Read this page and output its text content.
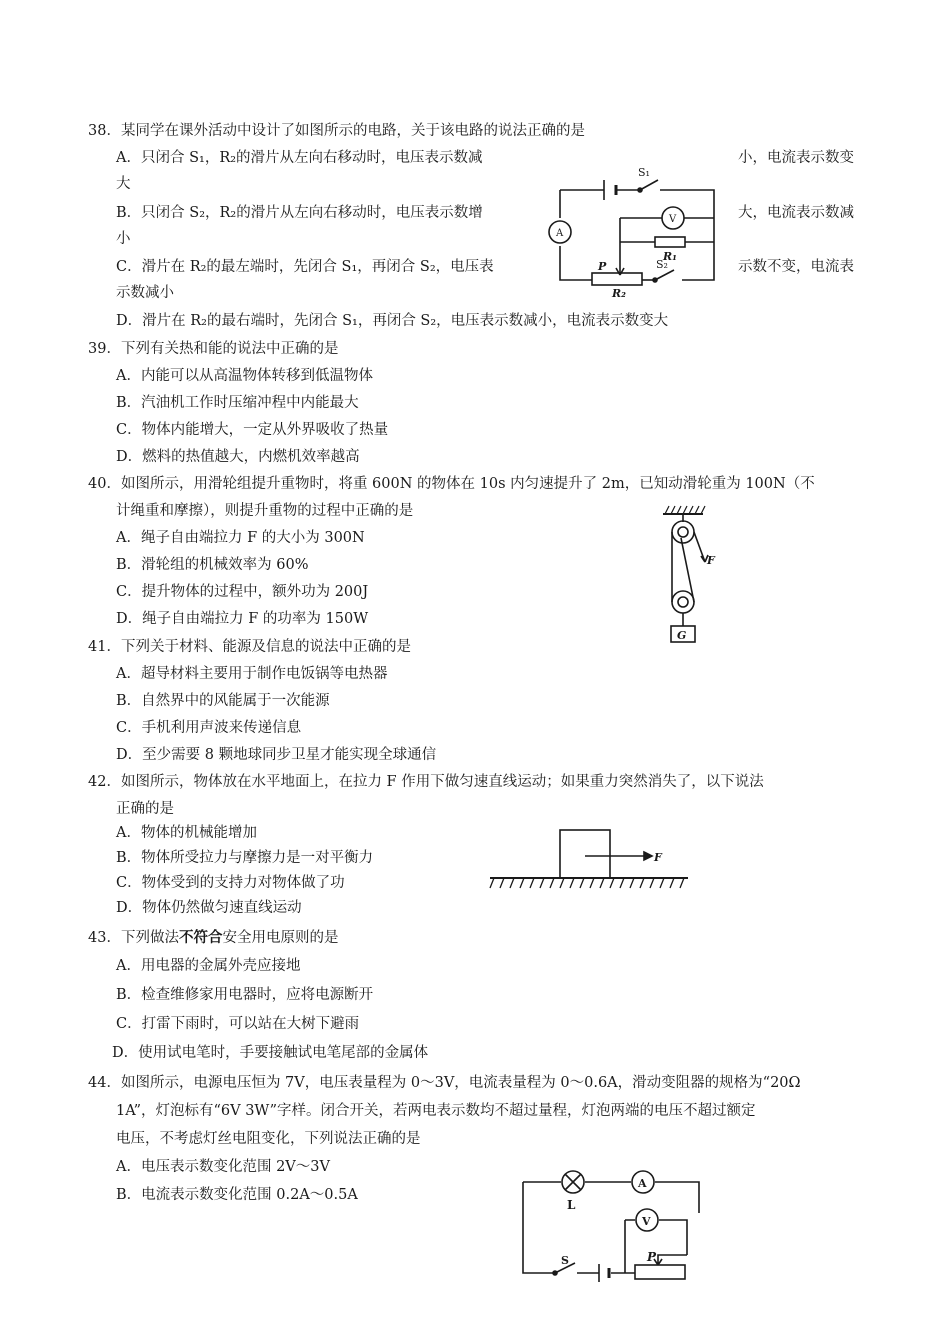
38．某同学在课外活动中设计了如图所示的电路，关于该电路的说法正确的是
A．只闭合 S₁，R₂的滑片从左向右移动时，电压表示数减	小，电流表示数变
大
B．只闭合 S₂，R₂的滑片从左向右移动时，电压表示数增	大，电流表示数减
小
C．滑片在 R₂的最左端时，先闭合 S₁，再闭合 S₂，电压表	示数不变，电流表
示数减小
D．滑片在 R₂的最右端时，先闭合 S₁，再闭合 S₂，电压表示数减小，电流表示数变大
S₁
V
A
R₁
P	S₂
R₂
39．下列有关热和能的说法中正确的是
A．内能可以从高温物体转移到低温物体
B．汽油机工作时压缩冲程中内能最大
C．物体内能增大，一定从外界吸收了热量
D．燃料的热值越大，内燃机效率越高
40．如图所示，用滑轮组提升重物时，将重 600N 的物体在 10s 内匀速提升了 2m，已知动滑轮重为 100N（不
计绳重和摩擦），则提升重物的过程中正确的是
A．绳子自由端拉力 F 的大小为 300N
B．滑轮组的机械效率为 60%
C．提升物体的过程中，额外功为 200J
D．绳子自由端拉力 F 的功率为 150W
F
G
41．下列关于材料、能源及信息的说法中正确的是
A．超导材料主要用于制作电饭锅等电热器
B．自然界中的风能属于一次能源
C．手机利用声波来传递信息
D．至少需要 8 颗地球同步卫星才能实现全球通信
42．如图所示，物体放在水平地面上，在拉力 F 作用下做匀速直线运动；如果重力突然消失了，以下说法
正确的是
A．物体的机械能增加
B．物体所受拉力与摩擦力是一对平衡力
C．物体受到的支持力对物体做了功
D．物体仍然做匀速直线运动
F
43．下列做法不符合安全用电原则的是
A．用电器的金属外壳应接地
B．检查维修家用电器时，应将电源断开
C．打雷下雨时，可以站在大树下避雨
D．使用试电笔时，手要接触试电笔尾部的金属体
44．如图所示，电源电压恒为 7V，电压表量程为 0～3V，电流表量程为 0～0.6A，滑动变阻器的规格为“20Ω
1A”，灯泡标有“6V 3W”字样。闭合开关，若两电表示数均不超过量程，灯泡两端的电压不超过额定
电压，不考虑灯丝电阻变化，下列说法正确的是
A．电压表示数变化范围 2V～3V
B．电流表示数变化范围 0.2A～0.5A
L
A
V
P
S
